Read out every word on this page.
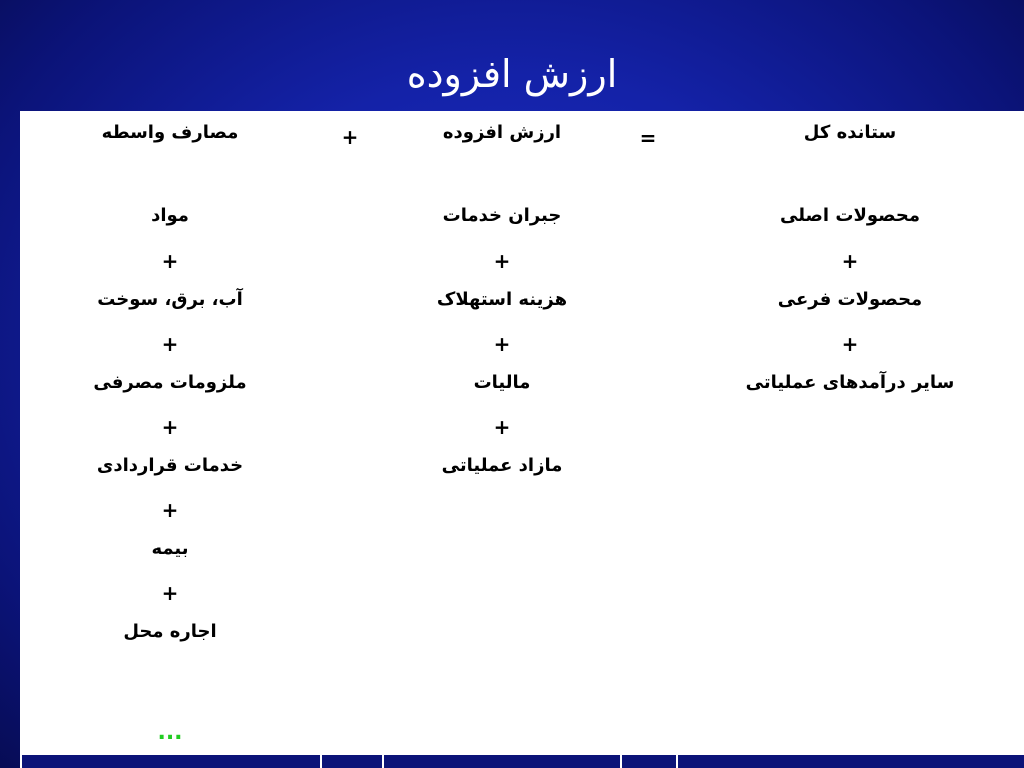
ارزش افزوده
ستانده کل
=
ارزش افزوده
+
مصارف واسطه
محصولات اصلی
+
محصولات فرعی
+
سایر درآمدهای عملیاتی
جبران خدمات
+
هزینه استهلاک
+
مالیات
+
مازاد عملیاتی
مواد
+
آب، برق، سوخت
+
ملزومات مصرفی
+
خدمات قراردادی
+
بیمه
+
اجاره محل
...
